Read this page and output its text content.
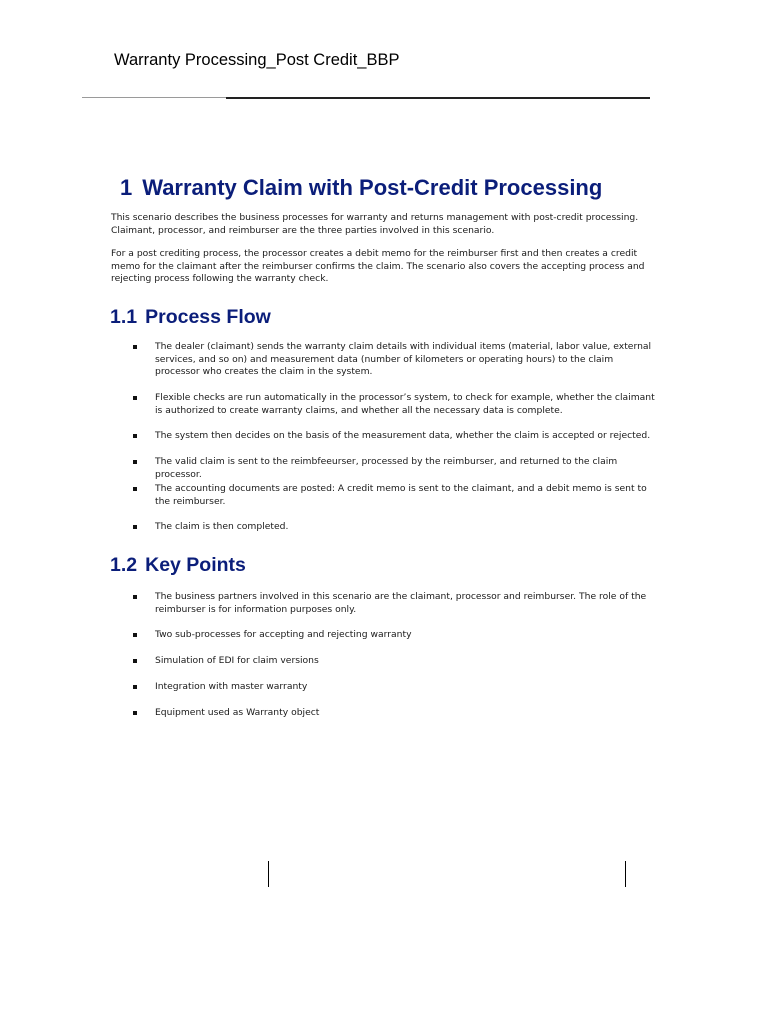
Warranty Processing_Post Credit_BBP
1 Warranty Claim with Post-Credit Processing

This scenario describes the business processes for warranty and returns management with post-credit processing. Claimant, processor, and reimburser are the three parties involved in this scenario.

For a post crediting process, the processor creates a debit memo for the reimburser first and then creates a credit memo for the claimant after the reimburser confirms the claim. The scenario also covers the accepting process and rejecting process following the warranty check.

1.1 Process Flow
The dealer (claimant) sends the warranty claim details with individual items (material, labor value, external services, and so on) and measurement data (number of kilometers or operating hours) to the claim processor who creates the claim in the system.
Flexible checks are run automatically in the processor’s system, to check for example, whether the claimant is authorized to create warranty claims, and whether all the necessary data is complete.
The system then decides on the basis of the measurement data, whether the claim is accepted or rejected.
The valid claim is sent to the reimbfeeurser, processed by the reimburser, and returned to the claim processor.
The accounting documents are posted: A credit memo is sent to the claimant, and a debit memo is sent to the reimburser.
The claim is then completed.
1.2 Key Points
The business partners involved in this scenario are the claimant, processor and reimburser. The role of the reimburser is for information purposes only.
Two sub-processes for accepting and rejecting warranty
Simulation of EDI for claim versions
Integration with master warranty
Equipment used as Warranty object
